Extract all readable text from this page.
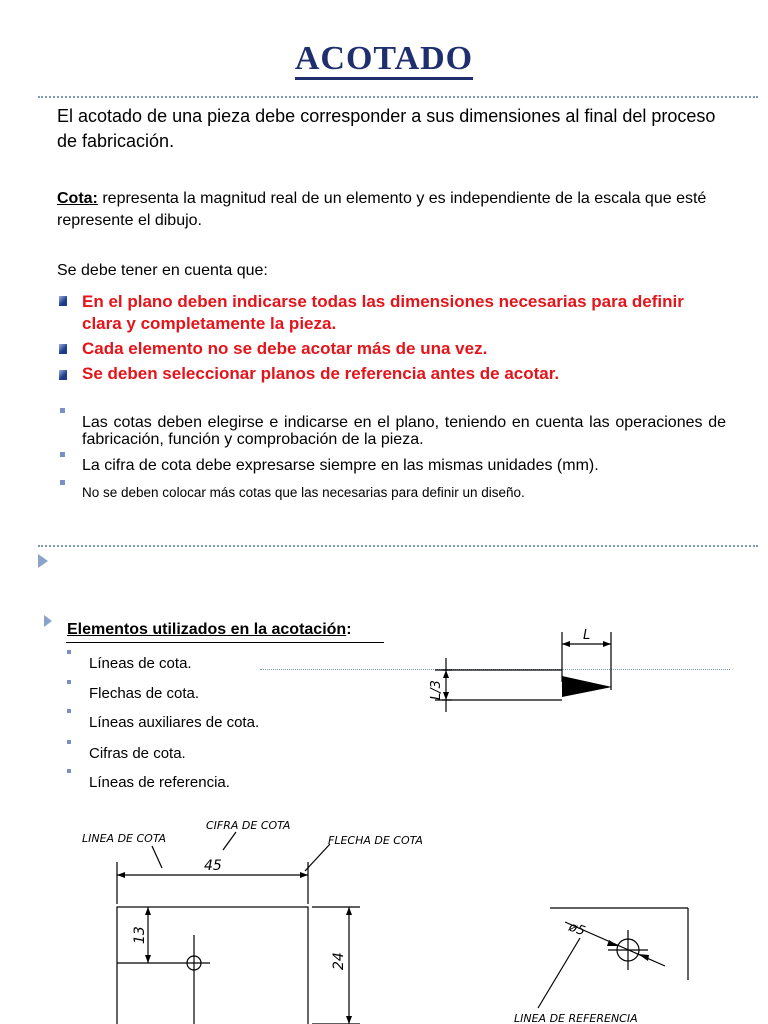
ACOTADO
El acotado de una pieza debe corresponder a sus dimensiones al final del proceso de fabricación.
Cota: representa la magnitud real de un elemento y es independiente de la escala que esté represente el dibujo.
Se debe tener en cuenta que:
En el plano deben indicarse todas las dimensiones necesarias para definir clara y completamente la pieza.
Cada elemento no se debe acotar más de una vez.
Se deben seleccionar planos de referencia antes de acotar.
Las cotas deben elegirse e indicarse en el plano, teniendo en cuenta las operaciones de fabricación, función y comprobación de la pieza.
La cifra de cota debe expresarse siempre en las mismas unidades (mm).
No se deben colocar más cotas que las necesarias para definir un diseño.
Elementos utilizados en la acotación:
Líneas de cota.
Flechas de cota.
Líneas auxiliares de cota.
Cifras de cota.
Líneas de referencia.
L
L/3
LINEA DE COTA
CIFRA DE COTA
FLECHA DE COTA
45
24
13	ø5
LINEA DE REFERENCIA
